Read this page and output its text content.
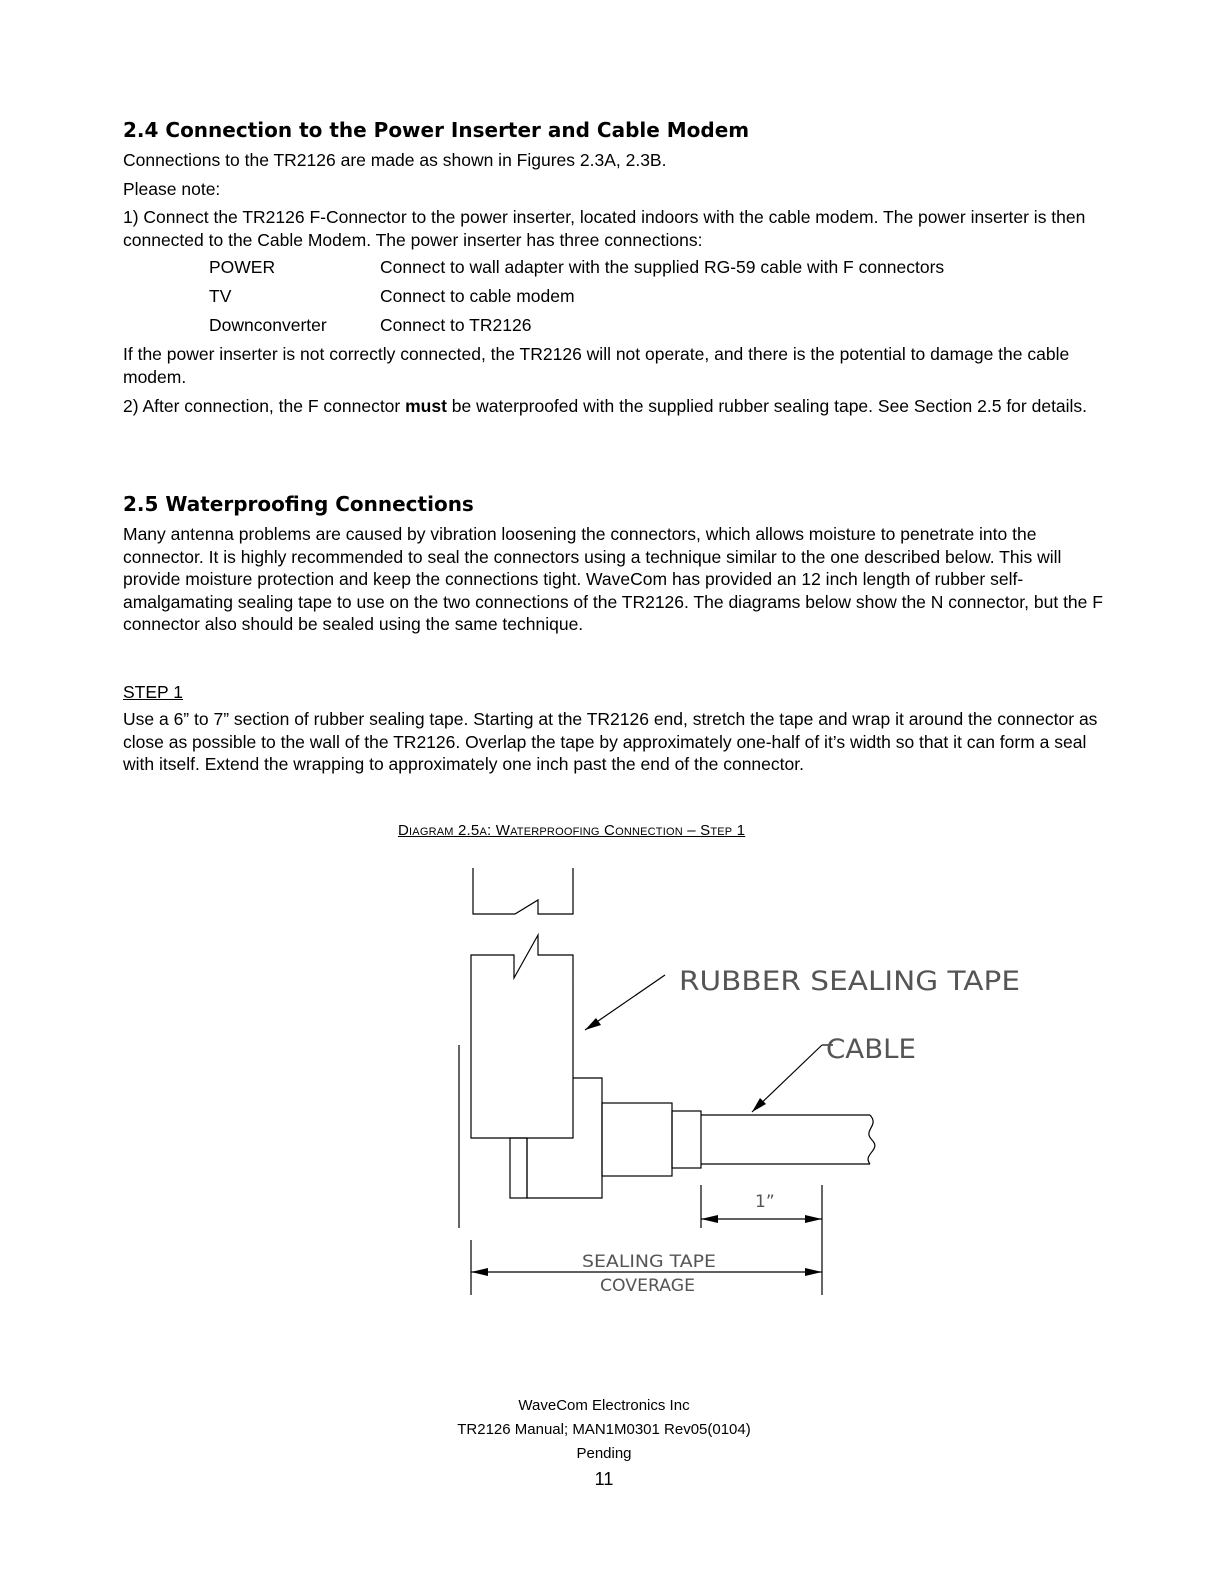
2.4 Connection to the Power Inserter and Cable Modem
Connections to the TR2126 are made as shown in Figures 2.3A, 2.3B.
Please note:
1) Connect the TR2126 F-Connector to the power inserter, located indoors with the cable modem. The power inserter is then connected to the Cable Modem. The power inserter has three connections:
POWER	Connect to wall adapter with the supplied RG-59 cable with F connectors
TV	Connect to cable modem
Downconverter	Connect to TR2126
If the power inserter is not correctly connected, the TR2126 will not operate, and there is the potential to damage the cable modem.
2) After connection, the F connector must be waterproofed with the supplied rubber sealing tape. See Section 2.5 for details.
2.5 Waterproofing Connections
Many antenna problems are caused by vibration loosening the connectors, which allows moisture to penetrate into the connector. It is highly recommended to seal the connectors using a technique similar to the one described below. This will provide moisture protection and keep the connections tight. WaveCom has provided an 12 inch length of rubber self-amalgamating sealing tape to use on the two connections of the TR2126. The diagrams below show the N connector, but the F connector also should be sealed using the same technique.
STEP 1
Use a 6” to 7” section of rubber sealing tape. Starting at the TR2126 end, stretch the tape and wrap it around the connector as close as possible to the wall of the TR2126. Overlap the tape by approximately one-half of it’s width so that it can form a seal with itself. Extend the wrapping to approximately one inch past the end of the connector.
Diagram 2.5a: Waterproofing Connection – Step 1
RUBBER SEALING TAPE
CABLE
1”
SEALING TAPE
COVERAGE
WaveCom Electronics Inc
TR2126 Manual; MAN1M0301 Rev05(0104)
Pending
11
